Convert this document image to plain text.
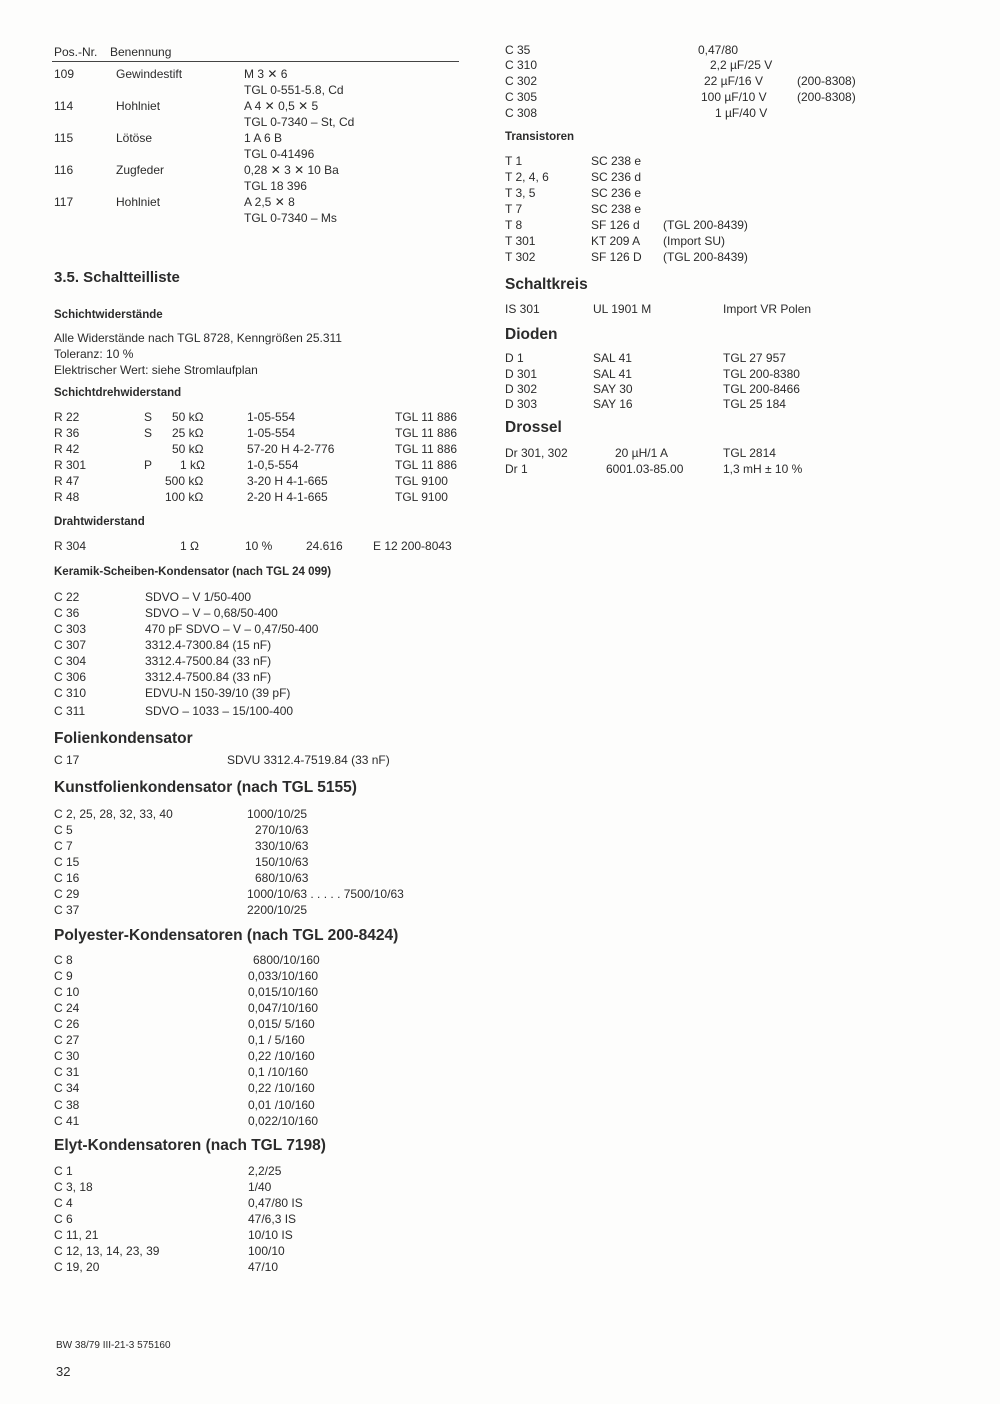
Pos.-Nr. Benennung
109	Gewindestift	M 3 ✕ 6
TGL 0-551-5.8, Cd
114	Hohlniet	A 4 ✕ 0,5 ✕ 5
TGL 0-7340 – St, Cd
115	Lötöse	1 A 6 B
TGL 0-41496
116	Zugfeder	0,28 ✕ 3 ✕ 10 Ba
TGL 18 396
117	Hohlniet	A 2,5 ✕ 8
TGL 0-7340 – Ms
3.5. Schaltteilliste
Schichtwiderstände
Alle Widerstände nach TGL 8728, Kenngrößen 25.311
Toleranz: 10 %
Elektrischer Wert: siehe Stromlaufplan
Schichtdrehwiderstand
R 22	S 50 kΩ	1-05-554	TGL 11 886
R 36	S 25 kΩ	1-05-554	TGL 11 886
R 42	50 kΩ	57-20 H 4-2-776	TGL 11 886
R 301	P 1 kΩ	1-0,5-554	TGL 11 886
R 47	500 kΩ	3-20 H 4-1-665	TGL 9100
R 48	100 kΩ	2-20 H 4-1-665	TGL 9100
Drahtwiderstand
R 304	1 Ω	10 %	24.616	E 12 200-8043
Keramik-Scheiben-Kondensator (nach TGL 24 099)
C 22	SDVO – V 1/50-400
C 36	SDVO – V – 0,68/50-400
C 303	470 pF SDVO – V – 0,47/50-400
C 307	3312.4-7300.84 (15 nF)
C 304	3312.4-7500.84 (33 nF)
C 306	3312.4-7500.84 (33 nF)
C 310	EDVU-N 150-39/10 (39 pF)
C 311	SDVO – 1033 – 15/100-400
Folienkondensator
C 17	SDVU 3312.4-7519.84 (33 nF)
Kunstfolienkondensator (nach TGL 5155)
C 2, 25, 28, 32, 33, 40	1000/10/25
C 5	270/10/63
C 7	330/10/63
C 15	150/10/63
C 16	680/10/63
C 29	1000/10/63 . . . . . 7500/10/63
C 37	2200/10/25
Polyester-Kondensatoren (nach TGL 200-8424)
C 8	6800/10/160
C 9	0,033/10/160
C 10	0,015/10/160
C 24	0,047/10/160
C 26	0,015/ 5/160
C 27	0,1 / 5/160
C 30	0,22 /10/160
C 31	0,1 /10/160
C 34	0,22 /10/160
C 38	0,01 /10/160
C 41	0,022/10/160
Elyt-Kondensatoren (nach TGL 7198)
C 1	2,2/25
C 3, 18	1/40
C 4	0,47/80 IS
C 6	47/6,3 IS
C 11, 21	10/10 IS
C 12, 13, 14, 23, 39	100/10
C 19, 20	47/10
BW 38/79 III-21-3 575160
32
C 35	0,47/80
C 310	2,2 µF/25 V
C 302	22 µF/16 V	(200-8308)
C 305	100 µF/10 V	(200-8308)
C 308	1 µF/40 V
Transistoren
T 1	SC 238 e
T 2, 4, 6	SC 236 d
T 3, 5	SC 236 e
T 7	SC 238 e
T 8	SF 126 d (TGL 200-8439)
T 301	KT 209 A (Import SU)
T 302	SF 126 D (TGL 200-8439)
Schaltkreis
IS 301	UL 1901 M	Import VR Polen
Dioden
D 1	SAL 41	TGL 27 957
D 301	SAL 41	TGL 200-8380
D 302	SAY 30	TGL 200-8466
D 303	SAY 16	TGL 25 184
Drossel
Dr 301, 302	20 µH/1 A	TGL 2814
Dr 1	6001.03-85.00	1,3 mH ± 10 %
